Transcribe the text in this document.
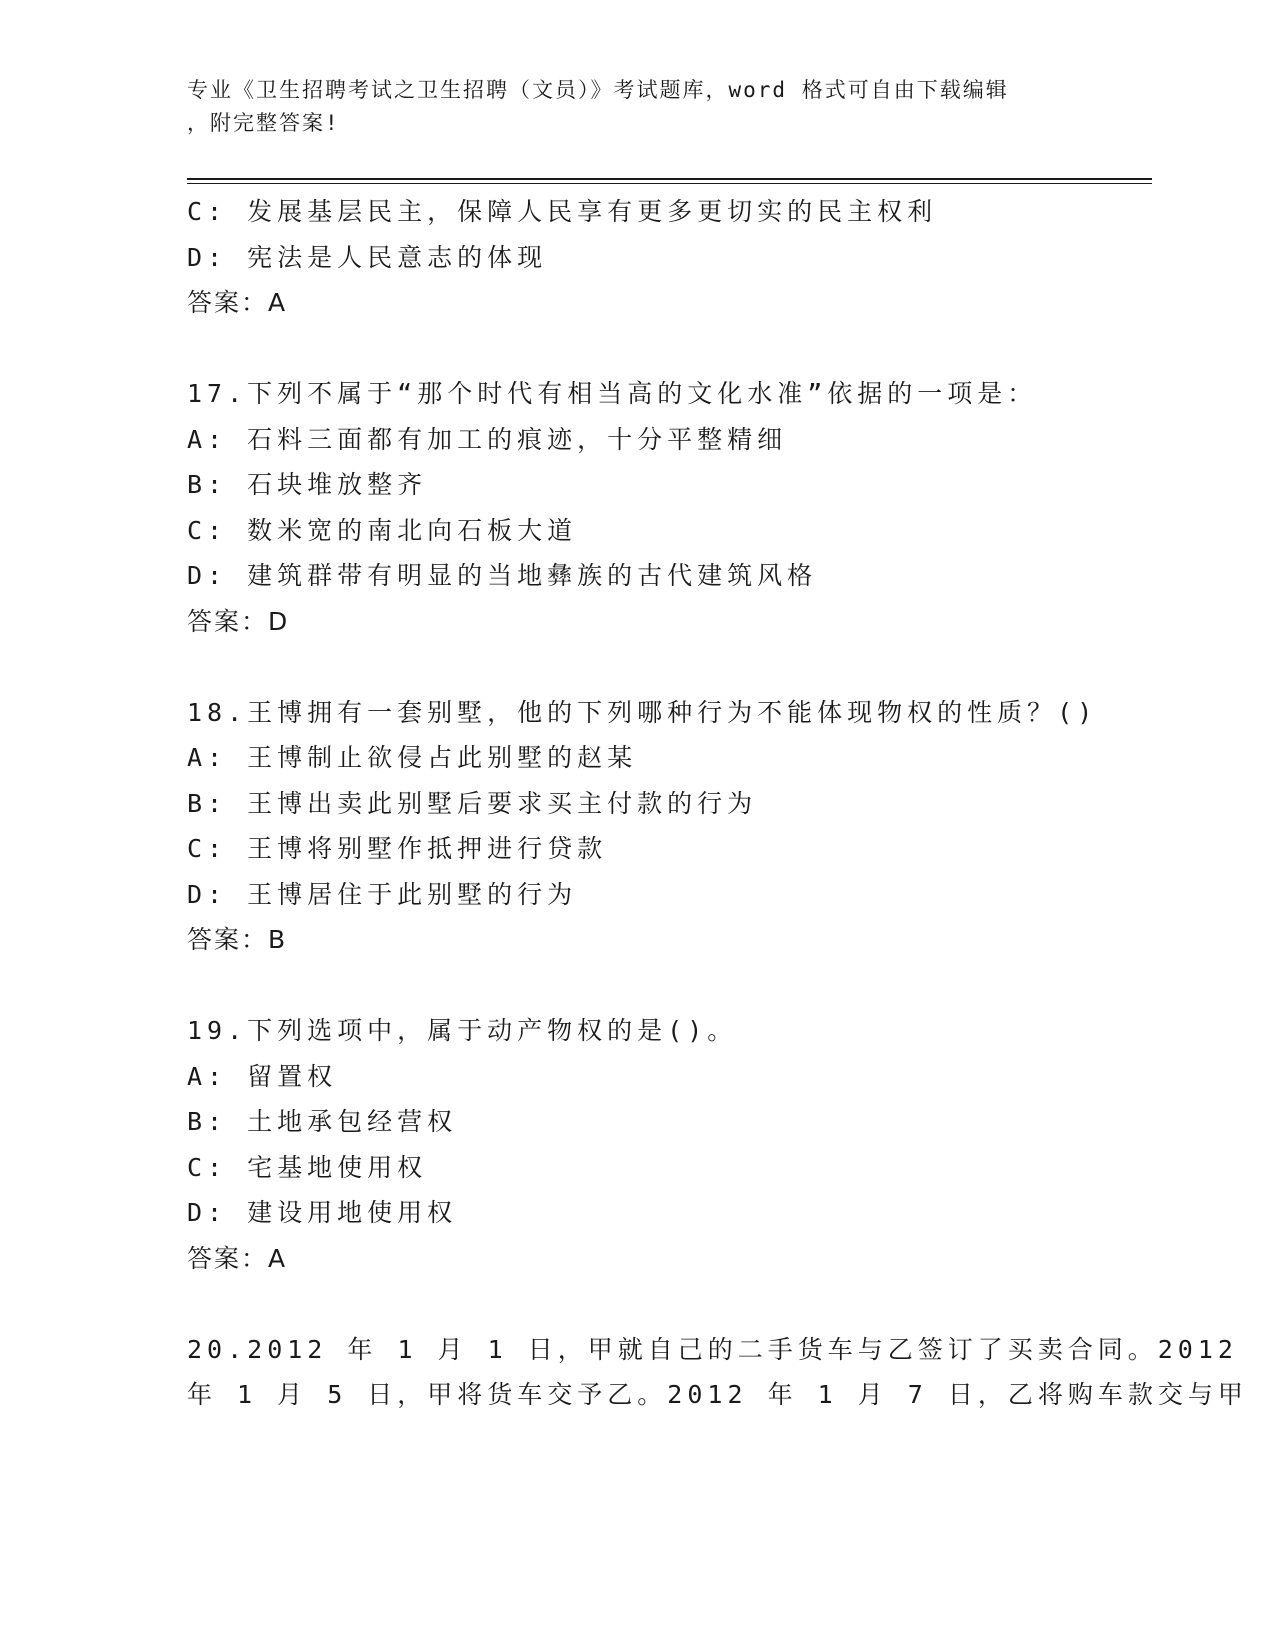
专业《卫生招聘考试之卫生招聘（文员）》考试题库，word 格式可自由下载编辑
，附完整答案!
C: 发展基层民主，保障人民享有更多更切实的民主权利
D: 宪法是人民意志的体现
答案：A
17.下列不属于“那个时代有相当高的文化水准”依据的一项是：
A: 石料三面都有加工的痕迹，十分平整精细
B: 石块堆放整齐
C: 数米宽的南北向石板大道
D: 建筑群带有明显的当地彝族的古代建筑风格
答案：D
18.王博拥有一套别墅，他的下列哪种行为不能体现物权的性质？()
A: 王博制止欲侵占此别墅的赵某
B: 王博出卖此别墅后要求买主付款的行为
C: 王博将别墅作抵押进行贷款
D: 王博居住于此别墅的行为
答案：B
19.下列选项中，属于动产物权的是()。
A: 留置权
B: 土地承包经营权
C: 宅基地使用权
D: 建设用地使用权
答案：A
20.2012 年 1 月 1 日，甲就自己的二手货车与乙签订了买卖合同。2012
年 1 月 5 日，甲将货车交予乙。2012 年 1 月 7 日，乙将购车款交与甲
